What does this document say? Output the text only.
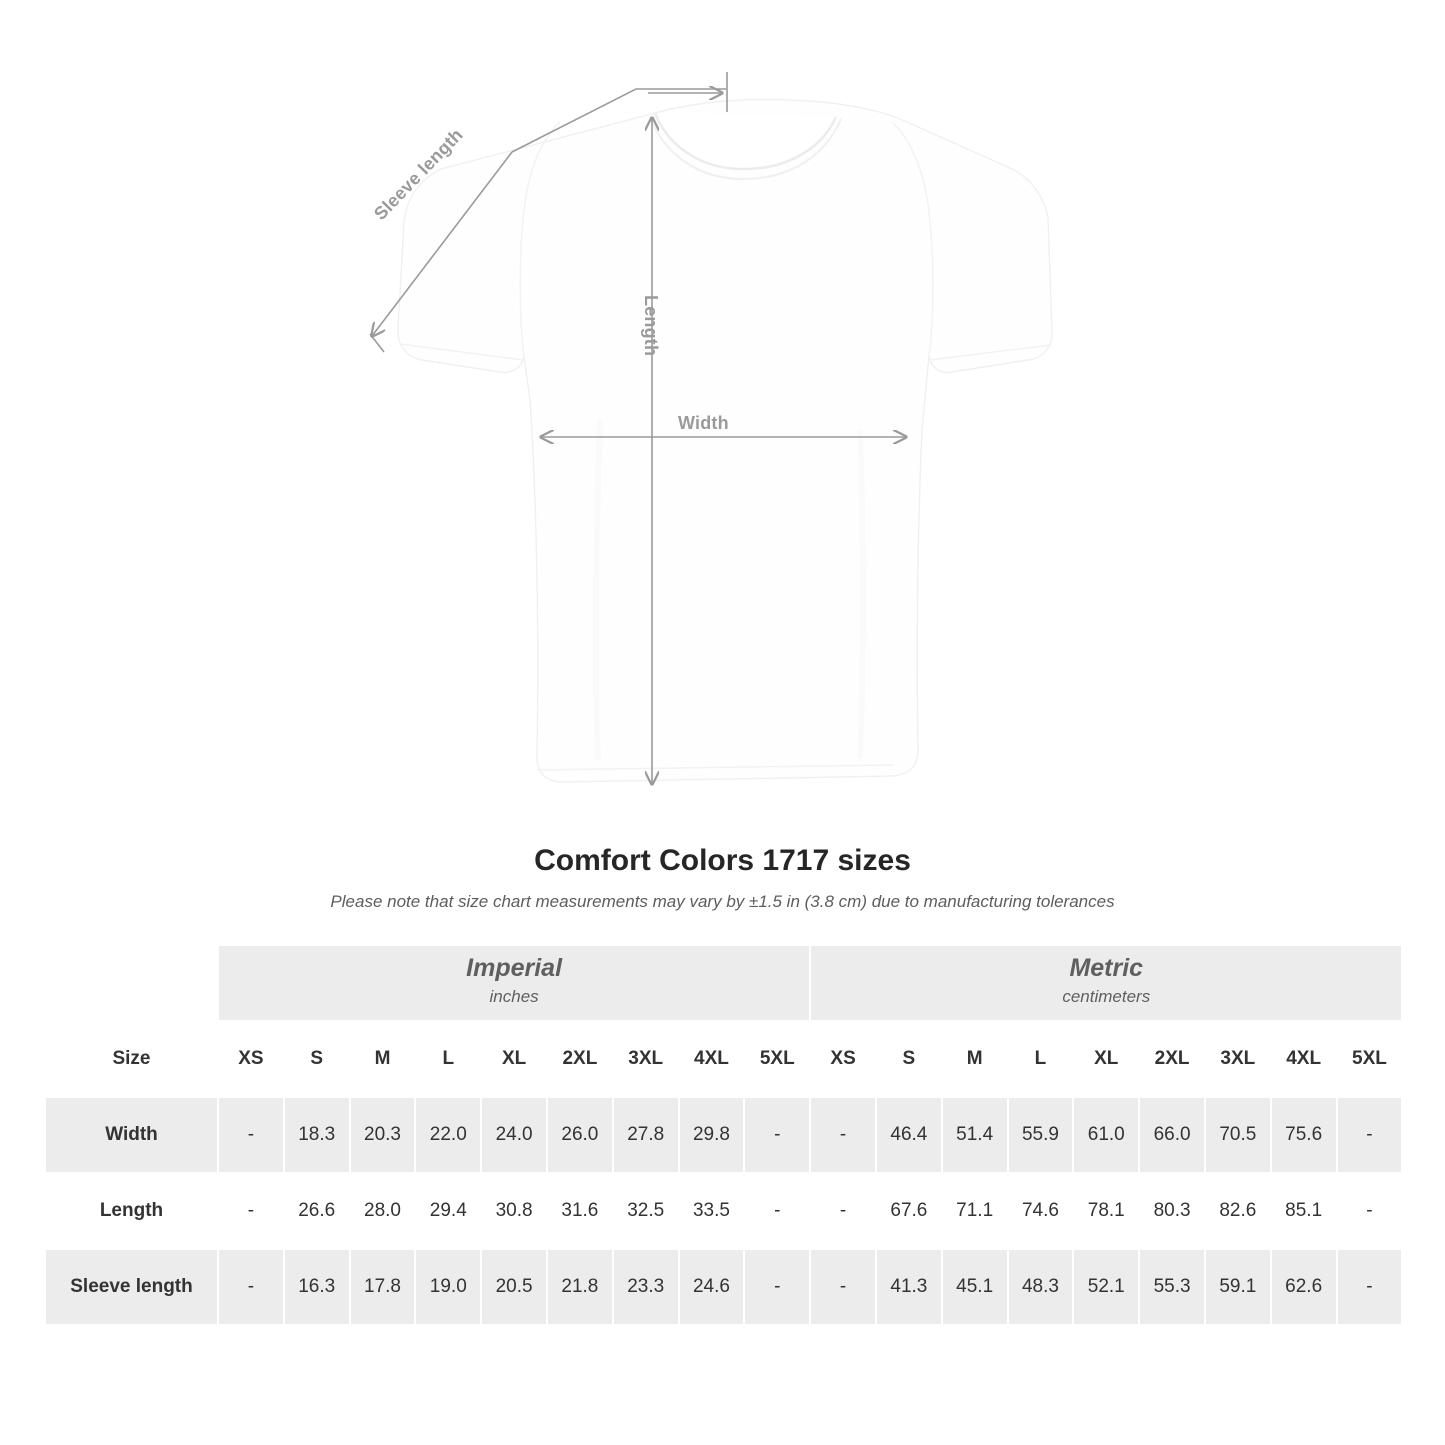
Width
Length
Sleeve length
Comfort Colors 1717 sizes

Please note that size chart measurements may vary by ±1.5 in (3.8 cm) due to manufacturing tolerances

Imperial
inches

Metric
centimeters

Size	XS	S	M	L	XL	2XL	3XL	4XL	5XL	XS	S	M	L	XL	2XL	3XL	4XL	5XL
Width	-	18.3	20.3	22.0	24.0	26.0	27.8	29.8	-	-	46.4	51.4	55.9	61.0	66.0	70.5	75.6	-
Length	-	26.6	28.0	29.4	30.8	31.6	32.5	33.5	-	-	67.6	71.1	74.6	78.1	80.3	82.6	85.1	-
Sleeve length	-	16.3	17.8	19.0	20.5	21.8	23.3	24.6	-	-	41.3	45.1	48.3	52.1	55.3	59.1	62.6	-
